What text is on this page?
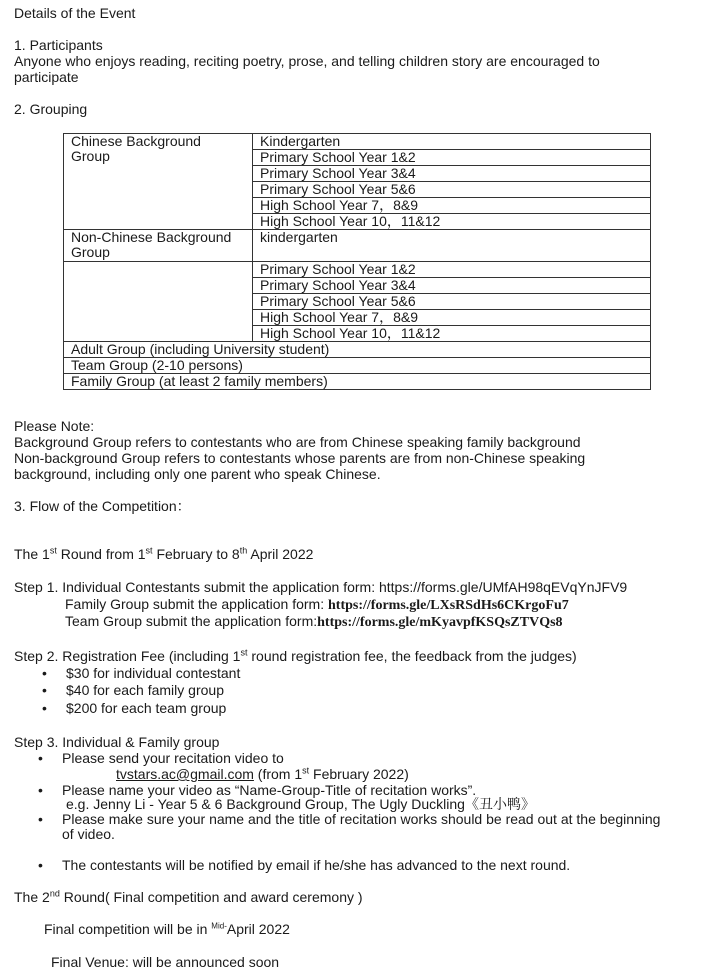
Details of the Event
1. Participants
Anyone who enjoys reading, reciting poetry, prose, and telling children story are encouraged to
participate
2. Grouping
Chinese Background Group	Kindergarten
	Primary School Year 1&2
	Primary School Year 3&4
	Primary School Year 5&6
	High School Year 7，8&9
	High School Year 10，11&12

Non-Chinese Background Group	kindergarten
	Primary School Year 1&2
	Primary School Year 3&4
	Primary School Year 5&6
	High School Year 7，8&9
	High School Year 10，11&12
Adult Group (including University student)	
Team Group (2-10 persons)	
Family Group (at least 2 family members)	
Please Note:
Background Group refers to contestants who are from Chinese speaking family background
Non-background Group refers to contestants whose parents are from non-Chinese speaking
background, including only one parent who speak Chinese.
3. Flow of the Competition：
The 1st Round from 1st February to 8th April 2022
Step 1. Individual Contestants submit the application form: https://forms.gle/UMfAH98qEVqYnJFV9
Family Group submit the application form: https://forms.gle/LXsRSdHs6CKrgoFu7
Team Group submit the application form:https://forms.gle/mKyavpfKSQsZTVQs8
Step 2. Registration Fee (including 1st round registration fee, the feedback from the judges)
• $30 for individual contestant
• $40 for each family group
• $200 for each team group
Step 3. Individual & Family group
• Please send your recitation video to
tvstars.ac@gmail.com (from 1st February 2022)
• Please name your video as “Name-Group-Title of recitation works”.
e.g. Jenny Li - Year 5 & 6 Background Group, The Ugly Duckling《丑小鸭》
• Please make sure your name and the title of recitation works should be read out at the beginning
of video.
• The contestants will be notified by email if he/she has advanced to the next round.
The 2nd Round( Final competition and award ceremony )
Final competition will be in $^{Mid-}$April 2022
Final Venue: will be announced soon
